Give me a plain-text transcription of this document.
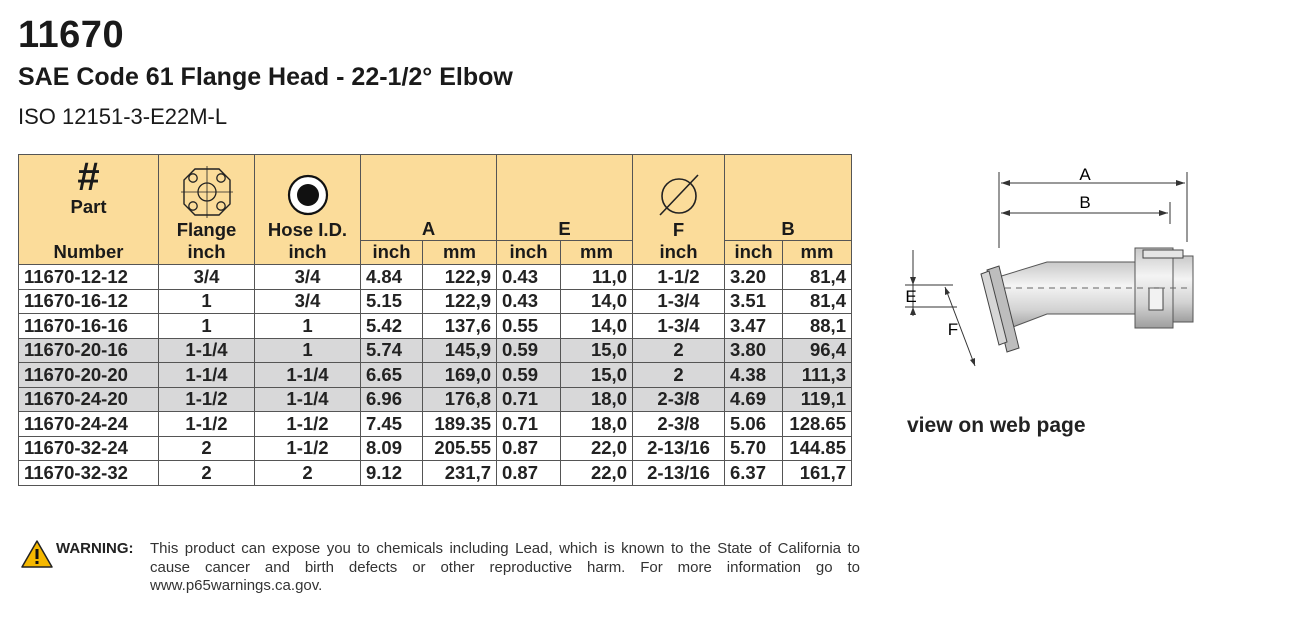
11670
SAE Code 61 Flange Head - 22-1/2° Elbow
ISO 12151-3-E22M-L
#
Part	Flange	Hose I.D.	A		E		F	B	

Number	inch	inch	inch	mm	inch	mm	inch	inch	mm
11670-12-12	3/4	3/4	4.84	122,9	0.43	11,0	1-1/2	3.20	81,4
11670-16-12	1	3/4	5.15	122,9	0.43	14,0	1-3/4	3.51	81,4
11670-16-16	1	1	5.42	137,6	0.55	14,0	1-3/4	3.47	88,1
11670-20-16	1-1/4	1	5.74	145,9	0.59	15,0	2	3.80	96,4
11670-20-20	1-1/4	1-1/4	6.65	169,0	0.59	15,0	2	4.38	111,3
11670-24-20	1-1/2	1-1/4	6.96	176,8	0.71	18,0	2-3/8	4.69	119,1
11670-24-24	1-1/2	1-1/2	7.45	189.35	0.71	18,0	2-3/8	5.06	128.65
11670-32-24	2	1-1/2	8.09	205.55	0.87	22,0	2-13/16	5.70	144.85
11670-32-32	2	2	9.12	231,7	0.87	22,0	2-13/16	6.37	161,7
A
B
E
F
view on web page
WARNING: This product can expose you to chemicals including Lead, which is known to the State of California to cause cancer and birth defects or other reproductive harm. For more information go to www.p65warnings.ca.gov.
